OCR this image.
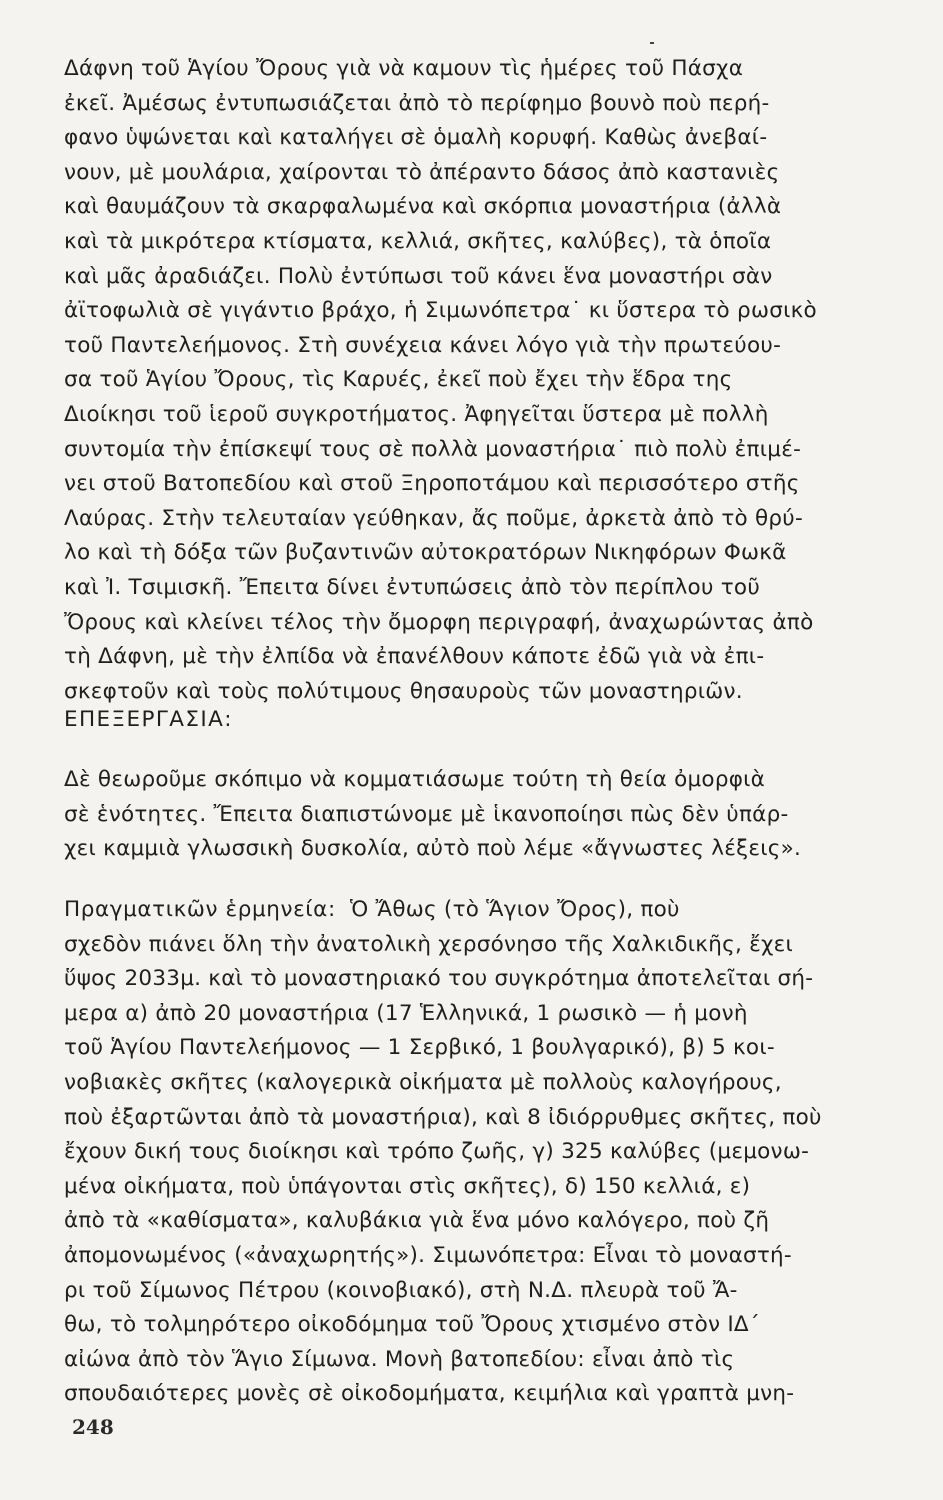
Δάφνη τοῦ Ἁγίου Ὄρους γιὰ νὰ καμουν τὶς ἡμέρες τοῦ Πάσχα
ἐκεῖ. Ἀμέσως ἐντυπωσιάζεται ἀπὸ τὸ περίφημο βουνὸ ποὺ περή-
φανο ὑψώνεται καὶ καταλήγει σὲ ὁμαλὴ κορυφή. Καθὼς ἀνεβαί-
νουν, μὲ μουλάρια, χαίρονται τὸ ἀπέραντο δάσος ἀπὸ καστανιὲς
καὶ θαυμάζουν τὰ σκαρφαλωμένα καὶ σκόρπια μοναστήρια (ἀλλὰ
καὶ τὰ μικρότερα κτίσματα, κελλιά, σκῆτες, καλύβες), τὰ ὁποῖα
καὶ μᾶς ἀραδιάζει. Πολὺ ἐντύπωσι τοῦ κάνει ἕνα μοναστήρι σὰν
ἀϊτοφωλιὰ σὲ γιγάντιο βράχο, ἡ Σιμωνόπετρα˙ κι ὕστερα τὸ ρωσικὸ
τοῦ Παντελεήμονος. Στὴ συνέχεια κάνει λόγο γιὰ τὴν πρωτεύου-
σα τοῦ Ἁγίου Ὄρους, τὶς Καρυές, ἐκεῖ ποὺ ἔχει τὴν ἕδρα της
Διοίκησι τοῦ ἱεροῦ συγκροτήματος. Ἀφηγεῖται ὕστερα μὲ πολλὴ
συντομία τὴν ἐπίσκεψί τους σὲ πολλὰ μοναστήρια˙ πιὸ πολὺ ἐπιμέ-
νει στοῦ Βατοπεδίου καὶ στοῦ Ξηροποτάμου καὶ περισσότερο στῆς
Λαύρας. Στὴν τελευταίαν γεύθηκαν, ἄς ποῦμε, ἀρκετὰ ἀπὸ τὸ θρύ-
λο καὶ τὴ δόξα τῶν βυζαντινῶν αὐτοκρατόρων Νικηφόρων Φωκᾶ
καὶ Ἰ. Τσιμισκῆ. Ἔπειτα δίνει ἐντυπώσεις ἀπὸ τὸν περίπλου τοῦ
Ὄρους καὶ κλείνει τέλος τὴν ὄμορφη περιγραφή, ἀναχωρώντας ἀπὸ
τὴ Δάφνη, μὲ τὴν ἐλπίδα νὰ ἐπανέλθουν κάποτε ἐδῶ γιὰ νὰ ἐπι-
σκεφτοῦν καὶ τοὺς πολύτιμους θησαυροὺς τῶν μοναστηριῶν.
ΕΠΕΞΕΡΓΑΣΙΑ:
Δὲ θεωροῦμε σκόπιμο νὰ κομματιάσωμε τούτη τὴ θεία ὀμορφιὰ
σὲ ἑνότητες. Ἔπειτα διαπιστώνομε μὲ ἱκανοποίησι πὼς δὲν ὑπάρ-
χει καμμιὰ γλωσσικὴ δυσκολία, αὐτὸ ποὺ λέμε «ἄγνωστες λέξεις».
Πραγματικῶν ἑρμηνεία: Ὁ Ἄθως (τὸ Ἅγιον Ὄρος), ποὺ
σχεδὸν πιάνει ὅλη τὴν ἀνατολικὴ χερσόνησο τῆς Χαλκιδικῆς, ἔχει
ὕψος 2033μ. καὶ τὸ μοναστηριακό του συγκρότημα ἀποτελεῖται σή-
μερα α) ἀπὸ 20 μοναστήρια (17 Ἑλληνικά, 1 ρωσικὸ — ἡ μονὴ
τοῦ Ἁγίου Παντελεήμονος — 1 Σερβικό, 1 βουλγαρικό), β) 5 κοι-
νοβιακὲς σκῆτες (καλογερικὰ οἰκήματα μὲ πολλοὺς καλογήρους,
ποὺ ἐξαρτῶνται ἀπὸ τὰ μοναστήρια), καὶ 8 ἰδιόρρυθμες σκῆτες, ποὺ
ἔχουν δική τους διοίκησι καὶ τρόπο ζωῆς, γ) 325 καλύβες (μεμονω-
μένα οἰκήματα, ποὺ ὑπάγονται στὶς σκῆτες), δ) 150 κελλιά, ε)
ἀπὸ τὰ «καθίσματα», καλυβάκια γιὰ ἕνα μόνο καλόγερο, ποὺ ζῆ
ἀπομονωμένος («ἀναχωρητής»). Σιμωνόπετρα: Εἶναι τὸ μοναστή-
ρι τοῦ Σίμωνος Πέτρου (κοινοβιακό), στὴ Ν.Δ. πλευρὰ τοῦ Ἄ-
θω, τὸ τολμηρότερο οἰκοδόμημα τοῦ Ὄρους χτισμένο στὸν ΙΔ΄
αἰώνα ἀπὸ τὸν Ἅγιο Σίμωνα. Μονὴ βατοπεδίου: εἶναι ἀπὸ τὶς
σπουδαιότερες μονὲς σὲ οἰκοδομήματα, κειμήλια καὶ γραπτὰ μνη-
248
